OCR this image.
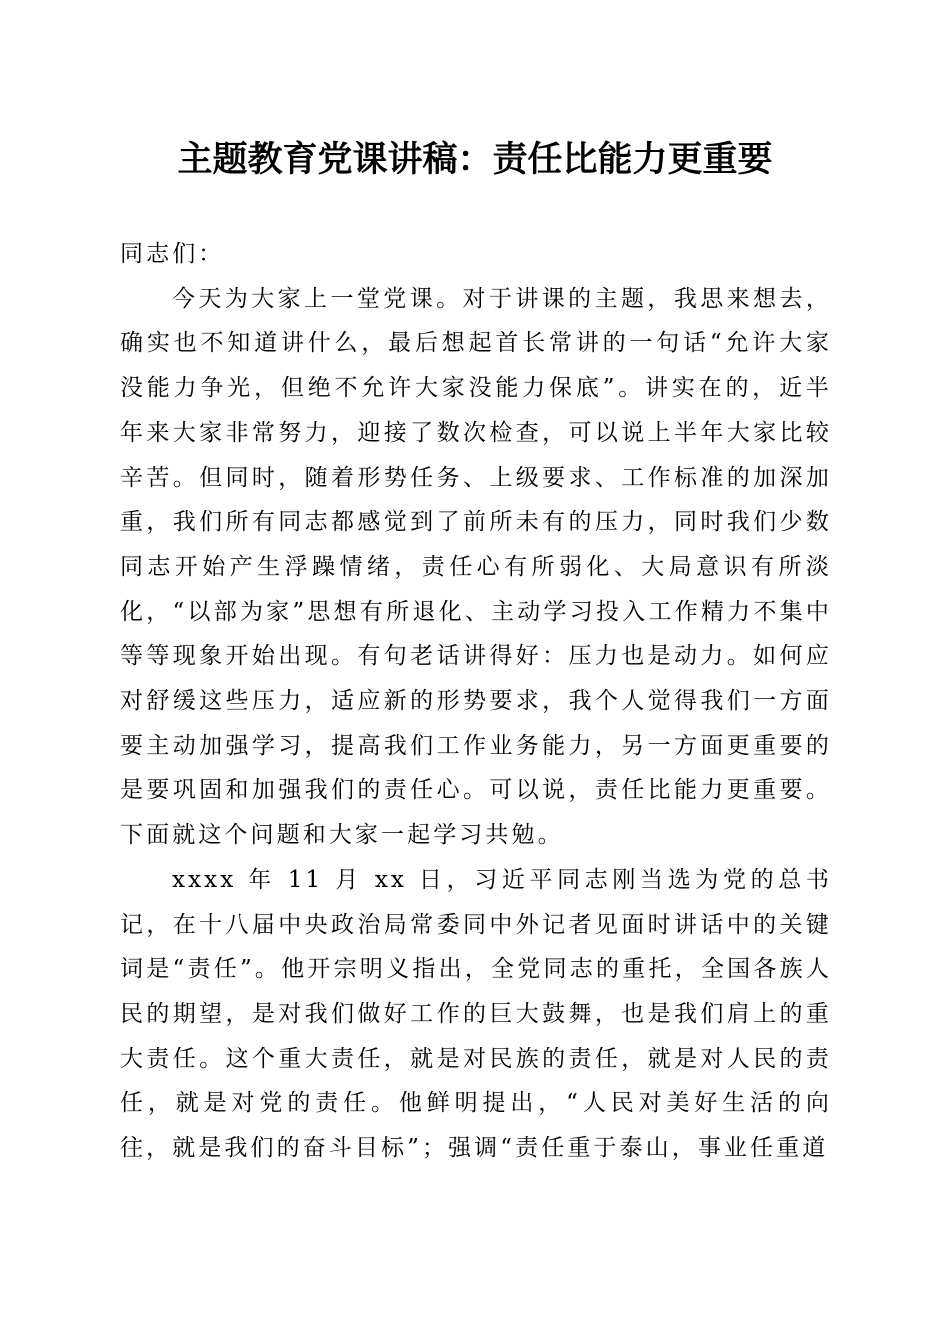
主题教育党课讲稿：责任比能力更重要

同志们：

今天为大家上一堂党课。对于讲课的主题，我思来想去，确实也不知道讲什么，最后想起首长常讲的一句话“允许大家没能力争光，但绝不允许大家没能力保底”。讲实在的，近半年来大家非常努力，迎接了数次检查，可以说上半年大家比较辛苦。但同时，随着形势任务、上级要求、工作标准的加深加重，我们所有同志都感觉到了前所未有的压力，同时我们少数同志开始产生浮躁情绪，责任心有所弱化、大局意识有所淡化，“以部为家”思想有所退化、主动学习投入工作精力不集中等等现象开始出现。有句老话讲得好：压力也是动力。如何应对舒缓这些压力，适应新的形势要求，我个人觉得我们一方面要主动加强学习，提高我们工作业务能力，另一方面更重要的是要巩固和加强我们的责任心。可以说，责任比能力更重要。下面就这个问题和大家一起学习共勉。

xxxx 年 11 月 xx 日，习近平同志刚当选为党的总书记，在十八届中央政治局常委同中外记者见面时讲话中的关键词是“责任”。他开宗明义指出，全党同志的重托，全国各族人民的期望，是对我们做好工作的巨大鼓舞，也是我们肩上的重大责任。这个重大责任，就是对民族的责任，就是对人民的责任，就是对党的责任。他鲜明提出，“人民对美好生活的向往，就是我们的奋斗目标”；强调“责任重于泰山，事业任重道
